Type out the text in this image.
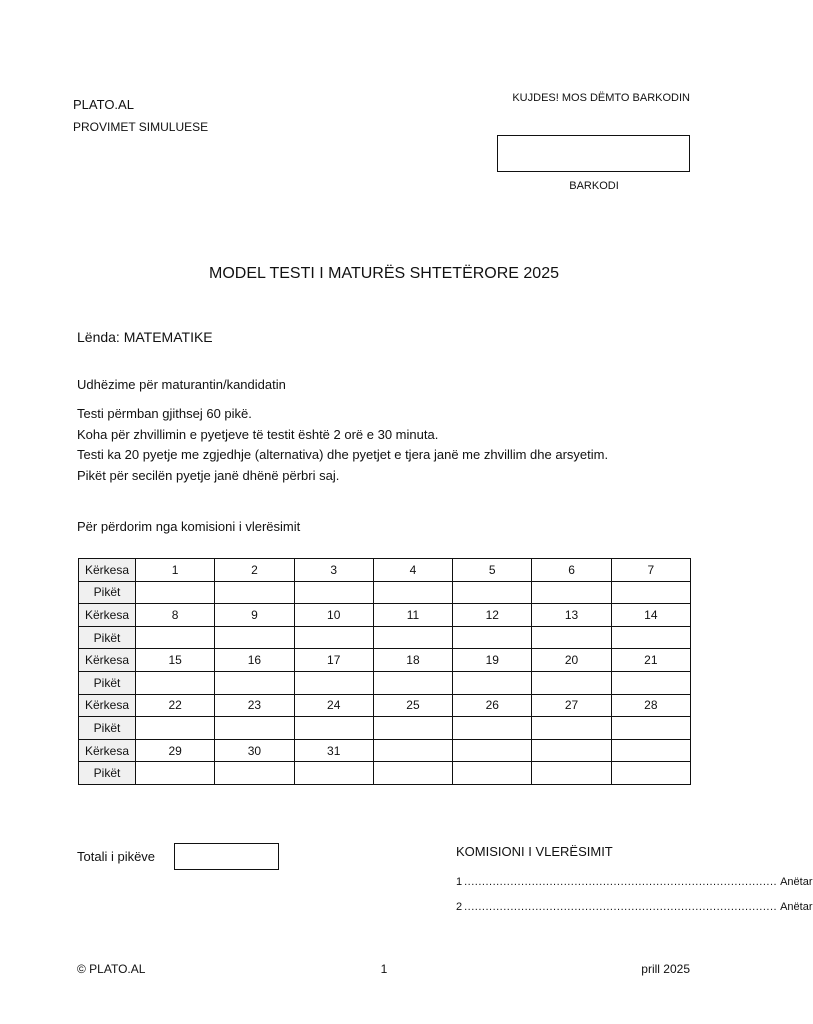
PLATO.AL
PROVIMET SIMULUESE
KUJDES! MOS DËMTO BARKODIN
BARKODI
MODEL TESTI I MATURËS SHTETËRORE 2025
Lënda: MATEMATIKE
Udhëzime për maturantin/kandidatin
Testi përmban gjithsej 60 pikë.
Koha për zhvillimin e pyetjeve të testit është 2 orë e 30 minuta.
Testi ka 20 pyetje me zgjedhje (alternativa) dhe pyetjet e tjera janë me zhvillim dhe arsyetim.
Pikët për secilën pyetje janë dhënë përbri saj.
Për përdorim nga komisioni i vlerësimit
Kërkesa	1	2	3	4	5	6	7
Pikët							
Kërkesa	8	9	10	11	12	13	14
Pikët							
Kërkesa	15	16	17	18	19	20	21
Pikët							
Kërkesa	22	23	24	25	26	27	28
Pikët							
Kërkesa	29	30	31				
Pikët							
Totali i pikëve	KOMISIONI I VLERËSIMIT
1 ........................................................................................ Anëtar
2 ........................................................................................ Anëtar
© PLATO.AL	1	prill 2025
